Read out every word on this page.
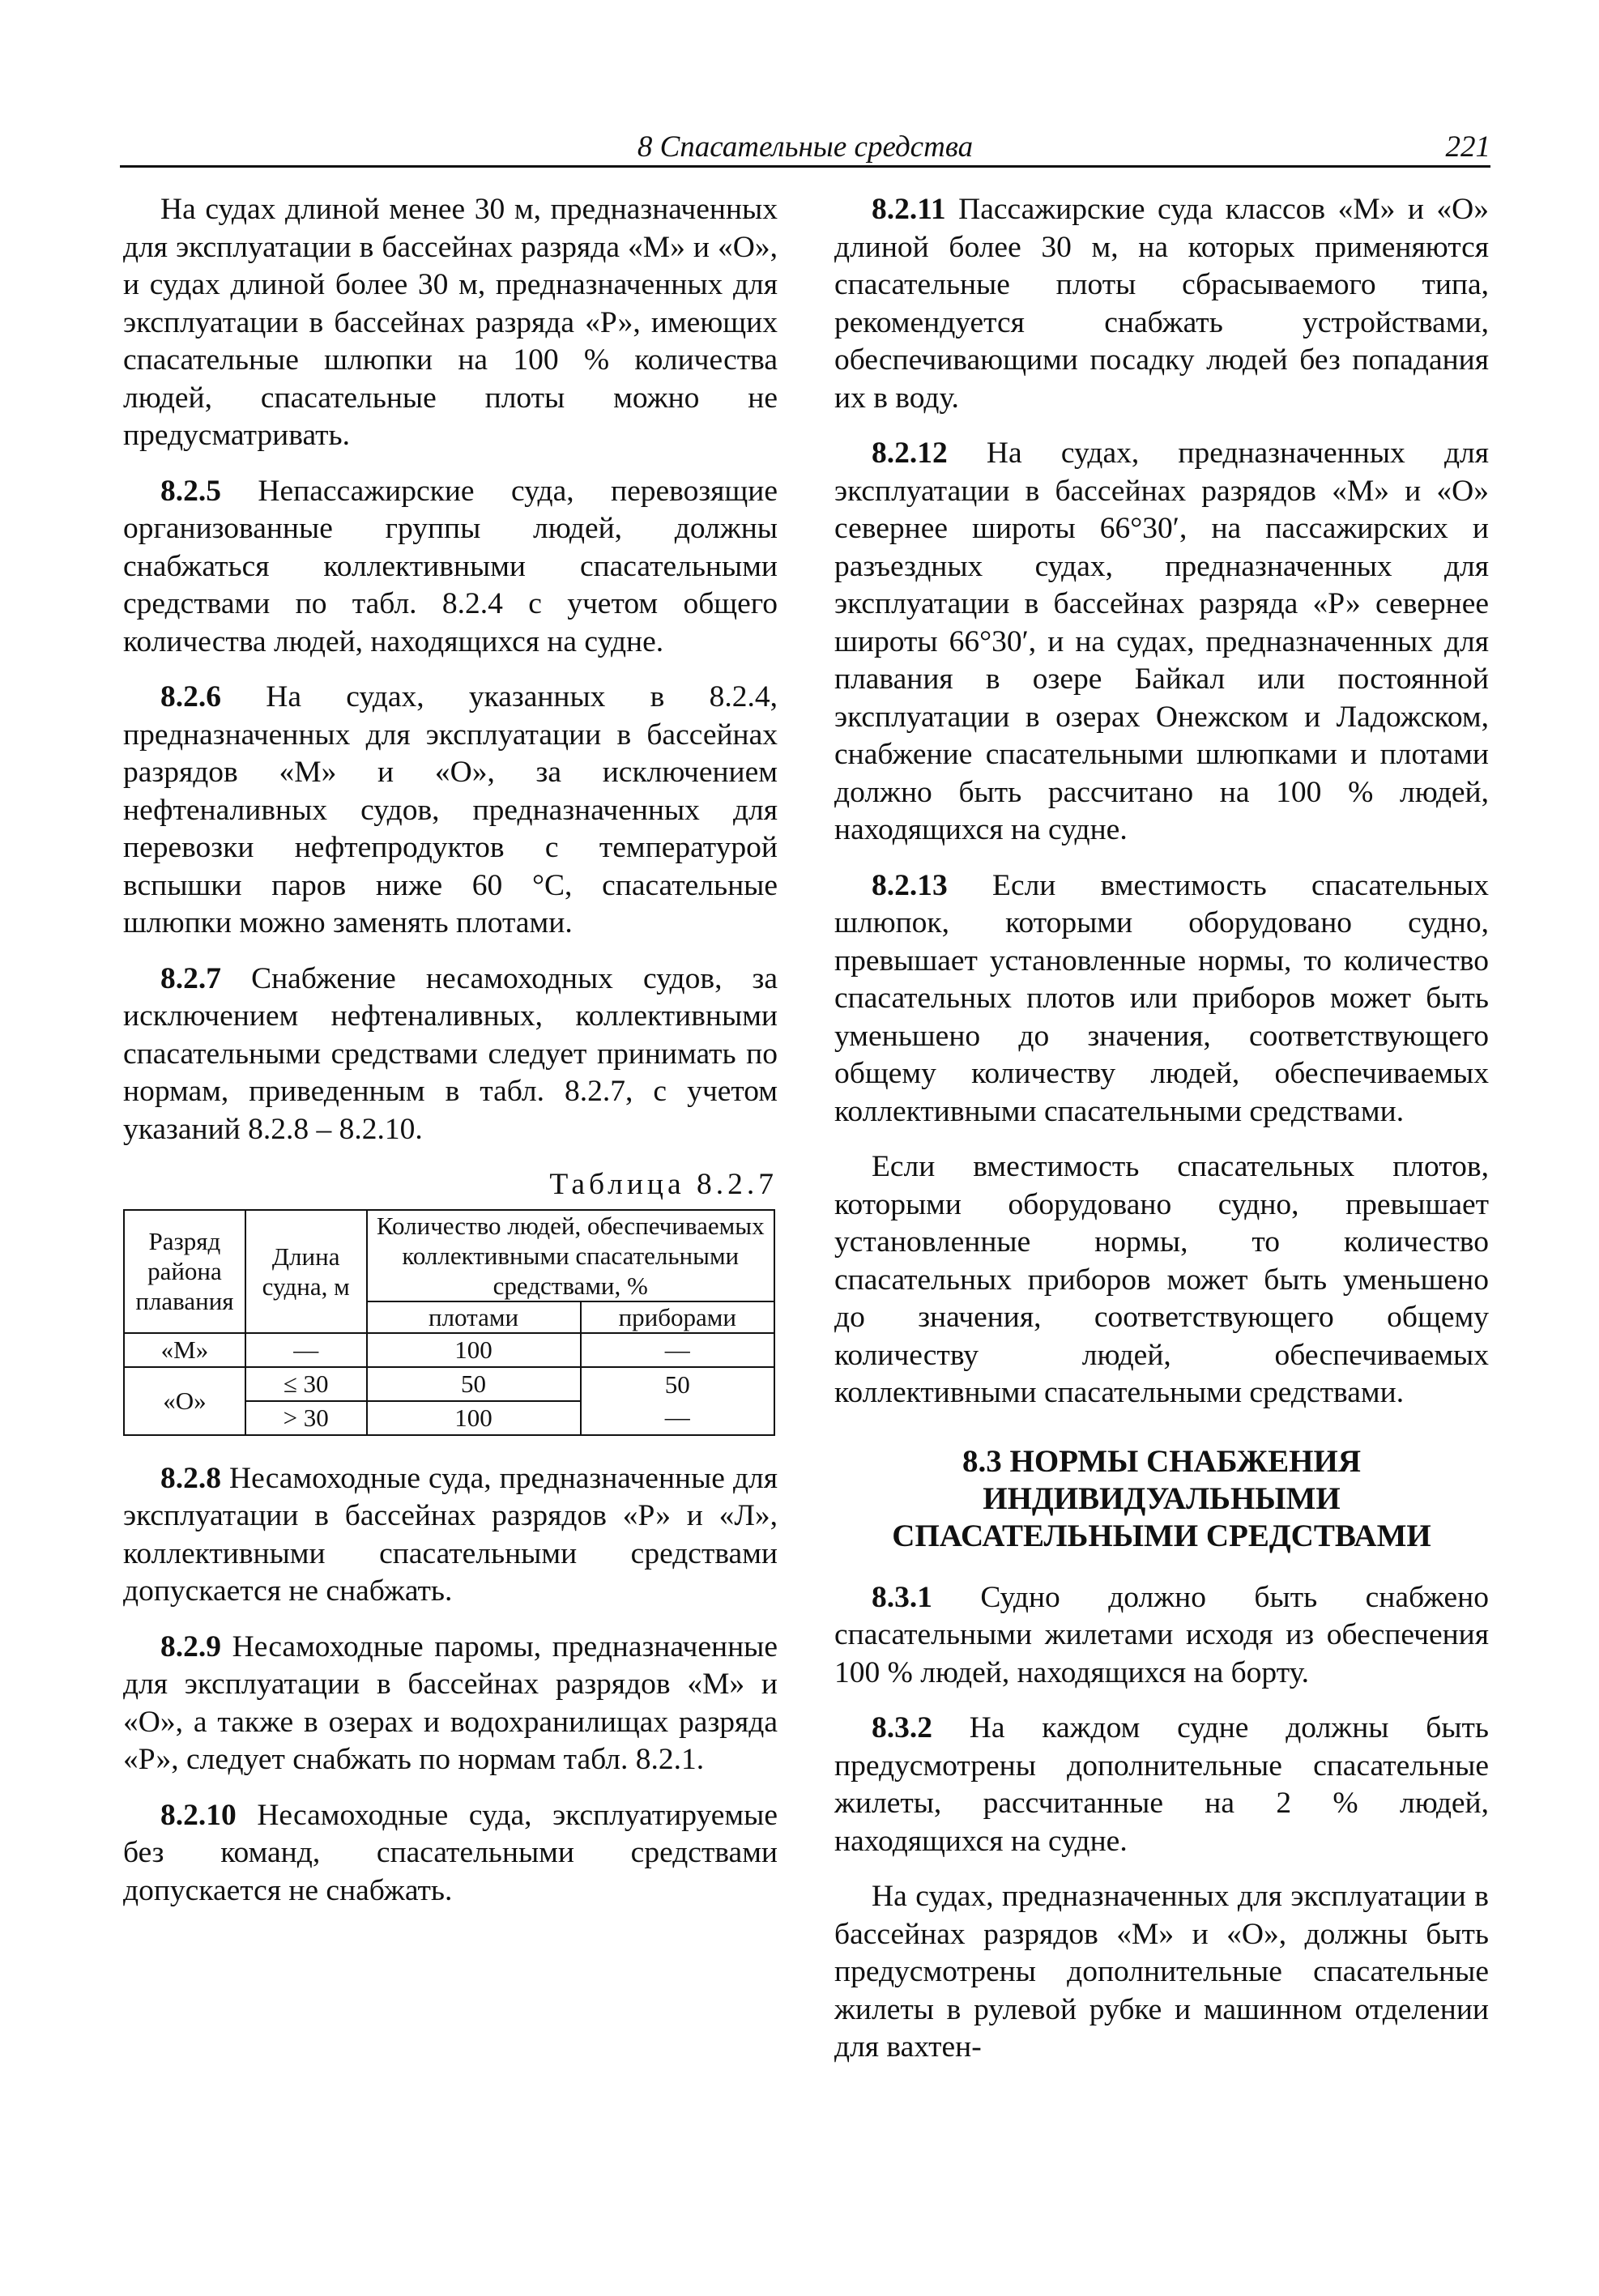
8 Спасательные средства	221

На судах длиной менее 30 м, предназначенных для эксплуатации в бассейнах разряда «М» и «О», и судах длиной более 30 м, предназначенных для эксплуатации в бассейнах разряда «Р», имеющих спасательные шлюпки на 100 % количества людей, спасательные плоты можно не предусматривать.

8.2.5 Непассажирские суда, перевозящие организованные группы людей, должны снабжаться коллективными спасательными средствами по табл. 8.2.4 с учетом общего количества людей, находящихся на судне.

8.2.6 На судах, указанных в 8.2.4, предназначенных для эксплуатации в бассейнах разрядов «М» и «О», за исключением нефтеналивных судов, предназначенных для перевозки нефтепродуктов с температурой вспышки паров ниже 60 °С, спасательные шлюпки можно заменять плотами.

8.2.7 Снабжение несамоходных судов, за исключением нефтеналивных, коллективными спасательными средствами следует принимать по нормам, приведенным в табл. 8.2.7, с учетом указаний 8.2.8 – 8.2.10.

Таблица 8.2.7
Разряд района плавания	Длина судна, м	Количество людей, обеспечиваемых коллективными спасательными средствами, %	
		плотами	приборами
«М»	—	100	—
«О»	≤ 30	50	50
	> 30	100		—

8.2.8 Несамоходные суда, предназначенные для эксплуатации в бассейнах разрядов «Р» и «Л», коллективными спасательными средствами допускается не снабжать.

8.2.9 Несамоходные паромы, предназначенные для эксплуатации в бассейнах разрядов «М» и «О», а также в озерах и водохранилищах разряда «Р», следует снабжать по нормам табл. 8.2.1.

8.2.10 Несамоходные суда, эксплуатируемые без команд, спасательными средствами допускается не снабжать.

8.2.11 Пассажирские суда классов «М» и «О» длиной более 30 м, на которых применяются спасательные плоты сбрасываемого типа, рекомендуется снабжать устройствами, обеспечивающими посадку людей без попадания их в воду.

8.2.12 На судах, предназначенных для эксплуатации в бассейнах разрядов «М» и «О» севернее широты 66°30′, на пассажирских и разъездных судах, предназначенных для эксплуатации в бассейнах разряда «Р» севернее широты 66°30′, и на судах, предназначенных для плавания в озере Байкал или постоянной эксплуатации в озерах Онежском и Ладожском, снабжение спасательными шлюпками и плотами должно быть рассчитано на 100 % людей, находящихся на судне.

8.2.13 Если вместимость спасательных шлюпок, которыми оборудовано судно, превышает установленные нормы, то количество спасательных плотов или приборов может быть уменьшено до значения, соответствующего общему количеству людей, обеспечиваемых коллективными спасательными средствами.

Если вместимость спасательных плотов, которыми оборудовано судно, превышает установленные нормы, то количество спасательных приборов может быть уменьшено до значения, соответствующего общему количеству людей, обеспечиваемых коллективными спасательными средствами.

8.3 НОРМЫ СНАБЖЕНИЯ
ИНДИВИДУАЛЬНЫМИ
СПАСАТЕЛЬНЫМИ СРЕДСТВАМИ

8.3.1 Судно должно быть снабжено спасательными жилетами исходя из обеспечения 100 % людей, находящихся на борту.

8.3.2 На каждом судне должны быть предусмотрены дополнительные спасательные жилеты, рассчитанные на 2 % людей, находящихся на судне.

На судах, предназначенных для эксплуатации в бассейнах разрядов «М» и «О», должны быть предусмотрены дополнительные спасательные жилеты в рулевой рубке и машинном отделении для вахтен-
